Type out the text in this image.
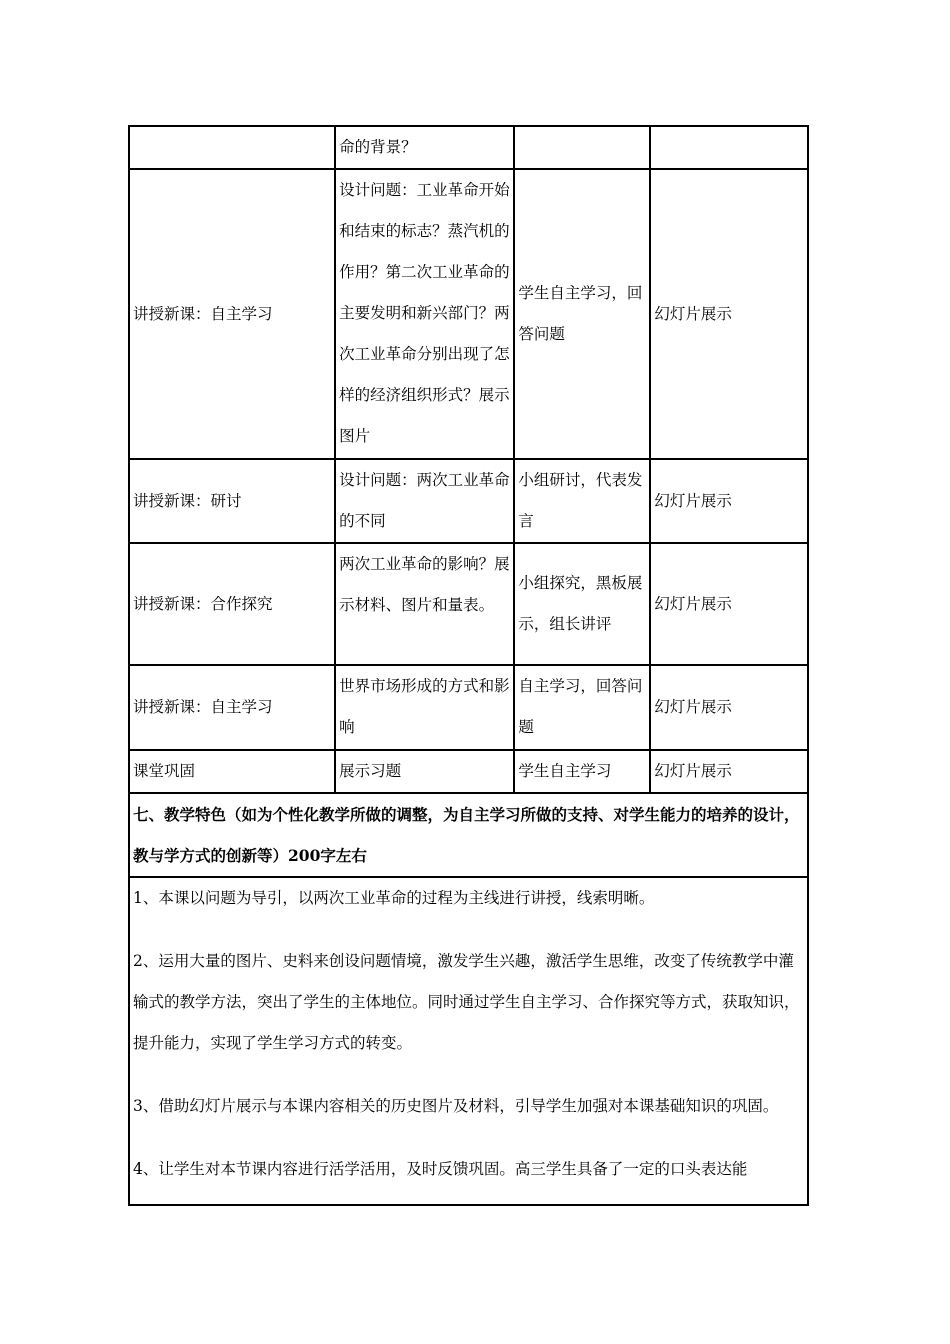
	命的背景？		
讲授新课：自主学习	设计问题：工业革命开始和结束的标志？蒸汽机的作用？第二次工业革命的主要发明和新兴部门？两次工业革命分别出现了怎样的经济组织形式？展示图片	学生自主学习，回答问题	幻灯片展示
讲授新课：研讨	设计问题：两次工业革命的不同	小组研讨，代表发言	幻灯片展示
讲授新课：合作探究	两次工业革命的影响？展示材料、图片和量表。	小组探究，黑板展示，组长讲评	幻灯片展示
讲授新课：自主学习	世界市场形成的方式和影响	自主学习，回答问题	幻灯片展示
课堂巩固	展示习题	学生自主学习	幻灯片展示
七、教学特色（如为个性化教学所做的调整，为自主学习所做的支持、对学生能力的培养的设计，教与学方式的创新等）200字左右			

1、本课以问题为导引，以两次工业革命的过程为主线进行讲授，线索明晰。

2、运用大量的图片、史料来创设问题情境，激发学生兴趣，激活学生思维，改变了传统教学中灌输式的教学方法，突出了学生的主体地位。同时通过学生自主学习、合作探究等方式，获取知识，提升能力，实现了学生学习方式的转变。

3、借助幻灯片展示与本课内容相关的历史图片及材料，引导学生加强对本课基础知识的巩固。

4、让学生对本节课内容进行活学活用，及时反馈巩固。高三学生具备了一定的口头表达能			
